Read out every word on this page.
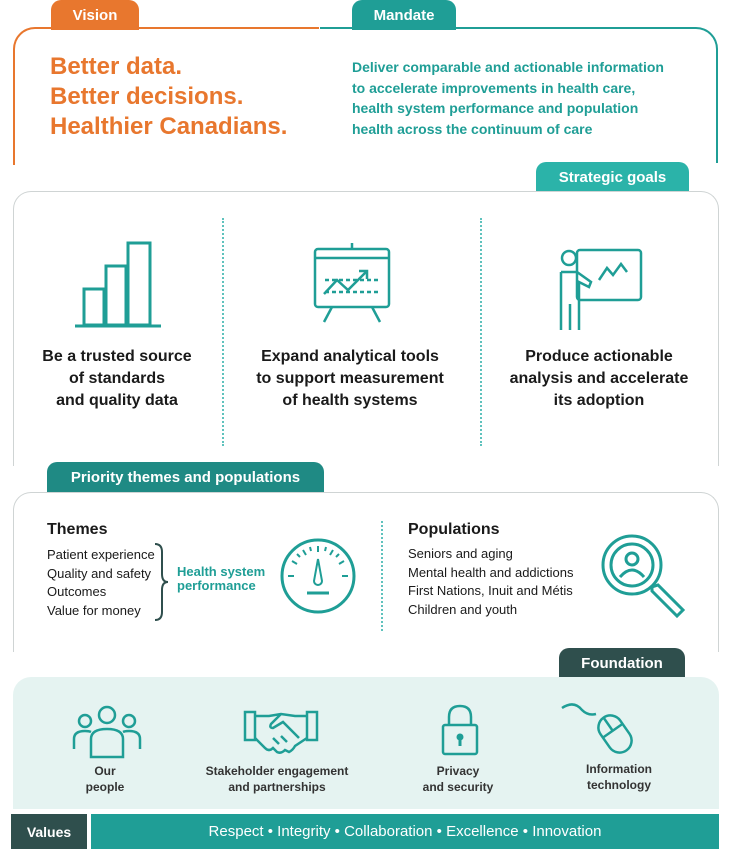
Vision
Better data.
Better decisions.
Healthier Canadians.
Mandate
Deliver comparable and actionable information
to accelerate improvements in health care,
health system performance and population
health across the continuum of care
Strategic goals
Be a trusted source
of standards
and quality data
Expand analytical tools
to support measurement
of health systems
Produce actionable
analysis and accelerate
its adoption
Priority themes and populations
Themes
Patient experience
Quality and safety
Outcomes
Value for money
Health system
performance
Populations
Seniors and aging
Mental health and addictions
First Nations, Inuit and Métis
Children and youth
Foundation
Our
people
Stakeholder engagement
and partnerships
Privacy
and security
Information
technology
Values	Respect • Integrity • Collaboration • Excellence • Innovation
